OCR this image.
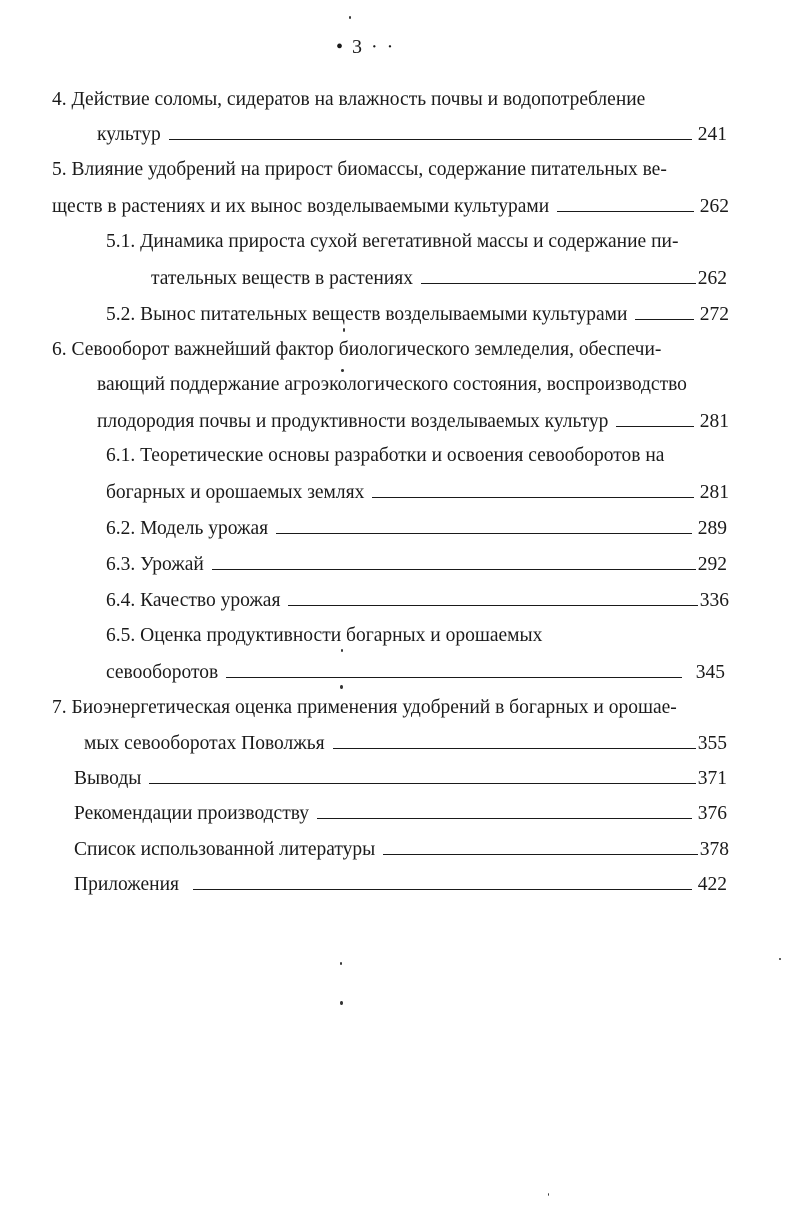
• 3 · ·
4. Действие соломы, сидератов на влажность почвы и водопотребление
культур	241
5. Влияние удобрений на прирост биомассы, содержание питательных ве-
ществ в растениях и их вынос возделываемыми культурами	262
5.1. Динамика прироста сухой вегетативной массы и содержание пи-
тательных веществ в растениях	262
5.2. Вынос питательных веществ возделываемыми культурами	272
6. Севооборот важнейший фактор биологического земледелия, обеспечи-
вающий поддержание агроэкологического состояния, воспроизводство
плодородия почвы и продуктивности возделываемых культур	281
6.1. Теоретические основы разработки и освоения севооборотов на
богарных и орошаемых землях	281
6.2. Модель урожая	289
6.3. Урожай	292
6.4. Качество урожая	336
6.5. Оценка продуктивности богарных и орошаемых
севооборотов	345
7. Биоэнергетическая оценка применения удобрений в богарных и орошае-
мых севооборотах Поволжья	355
Выводы	371
Рекомендации производству	376
Список использованной литературы	378
Приложения	422
